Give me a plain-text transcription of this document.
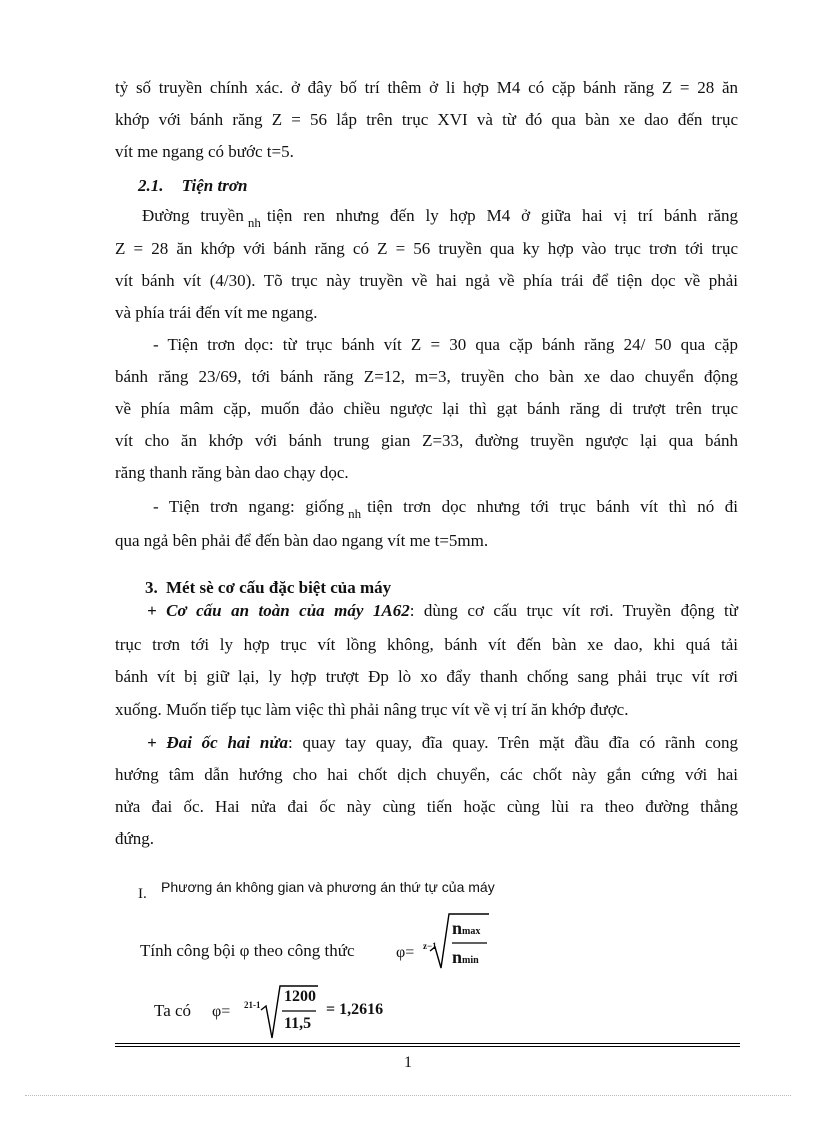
tỷ số truyền chính xác. ở đây bố trí thêm ở li hợp M4 có cặp bánh răng Z = 28 ăn

khớp với bánh răng Z = 56 lắp trên trục XVI và từ đó qua bàn xe dao đến trục

vít me ngang có bước t=5.

2.1. Tiện trơn

Đường truyền $_{nh}$ tiện ren nhưng đến ly hợp M4 ở giữa hai vị trí bánh răng

Z = 28 ăn khớp với bánh răng có Z = 56 truyền qua ky hợp vào trục trơn tới trục

vít bánh vít (4/30). Tõ trục này truyền về hai ngả về phía trái để tiện dọc về phải

và phía trái đến vít me ngang.

- Tiện trơn dọc: từ trục bánh vít Z = 30 qua cặp bánh răng 24/ 50 qua cặp

bánh răng 23/69, tới bánh răng Z=12, m=3, truyền cho bàn xe dao chuyển động

về phía mâm cặp, muốn đảo chiều ngược lại thì gạt bánh răng di trượt trên trục

vít cho ăn khớp với bánh trung gian Z=33, đường truyền ngược lại qua bánh

răng thanh răng bàn dao chạy dọc.

- Tiện trơn ngang: giống $_{nh}$ tiện trơn dọc nhưng tới trục bánh vít thì nó đi

qua ngả bên phải để đến bàn dao ngang vít me t=5mm.

3. Mét sè cơ cấu đặc biệt của máy

+ Cơ cấu an toàn của máy 1A62: dùng cơ cấu trục vít rơi. Truyền động từ

trục trơn tới ly hợp trục vít lồng không, bánh vít đến bàn xe dao, khi quá tải

bánh vít bị giữ lại, ly hợp trượt Đp lò xo đẩy thanh chống sang phải trục vít rơi

xuống. Muốn tiếp tục làm việc thì phải nâng trục vít về vị trí ăn khớp được.

+ Đai ốc hai nửa: quay tay quay, đĩa quay. Trên mặt đầu đĩa có rãnh cong

hướng tâm dẫn hướng cho hai chốt dịch chuyển, các chốt này gắn cứng với hai

nửa đai ốc. Hai nửa đai ốc này cùng tiến hoặc cùng lùi ra theo đường thẳng

đứng.

I. Phương án không gian và phương án thứ tự của máy
Tính công bội φ theo công thức	φ= z−1
nmax
nmin
Ta có φ= 21-1 1200
11,5
= 1,2616
1
